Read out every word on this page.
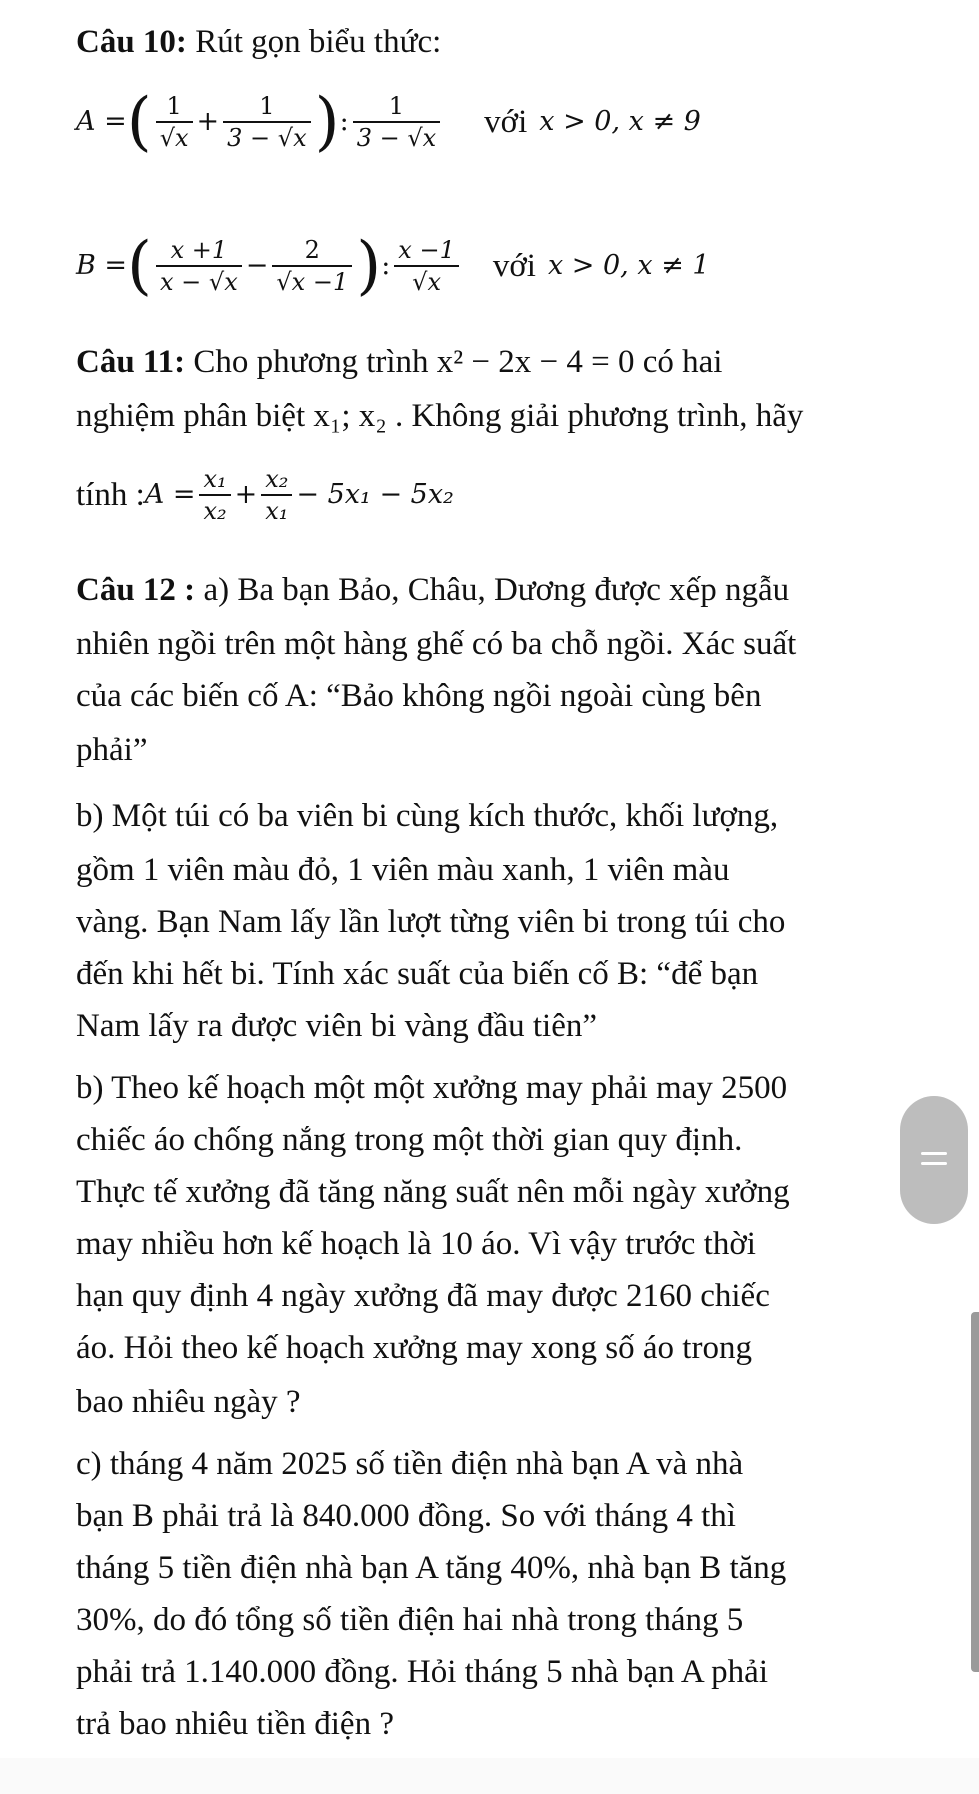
Câu 10: Rút gọn biểu thức:
A = ( $\frac{1}{√x} + \frac{1}{3 - √x}$ ) : $\frac{1}{3 - √x}$ với x > 0, x ≠ 9
B = ( $\frac{x +1}{x - √x} - \frac{2}{√x -1}$ ) : $\frac{x -1}{√x}$ với x > 0, x ≠ 1
Câu 11: Cho phương trình x² − 2x − 4 = 0 có hai
nghiệm phân biệt x₁; x₂ . Không giải phương trình, hãy
tính : $A = \frac{\text{x₁}}{\text{x₂}} + \frac{\text{x₂}}{\text{x₁}} - 5x_1 - 5x_2$
Câu 12 : a) Ba bạn Bảo, Châu, Dương được xếp ngẫu
nhiên ngồi trên một hàng ghế có ba chỗ ngồi. Xác suất
của các biến cố A: “Bảo không ngồi ngoài cùng bên
phải”
b) Một túi có ba viên bi cùng kích thước, khối lượng,
gồm 1 viên màu đỏ, 1 viên màu xanh, 1 viên màu
vàng. Bạn Nam lấy lần lượt từng viên bi trong túi cho
đến khi hết bi. Tính xác suất của biến cố B: “để bạn
Nam lấy ra được viên bi vàng đầu tiên”
b) Theo kế hoạch một một xưởng may phải may 2500
chiếc áo chống nắng trong một thời gian quy định.
Thực tế xưởng đã tăng năng suất nên mỗi ngày xưởng
may nhiều hơn kế hoạch là 10 áo. Vì vậy trước thời
hạn quy định 4 ngày xưởng đã may được 2160 chiếc
áo. Hỏi theo kế hoạch xưởng may xong số áo trong
bao nhiêu ngày ?
c) tháng 4 năm 2025 số tiền điện nhà bạn A và nhà
bạn B phải trả là 840.000 đồng. So với tháng 4 thì
tháng 5 tiền điện nhà bạn A tăng 40%, nhà bạn B tăng
30%, do đó tổng số tiền điện hai nhà trong tháng 5
phải trả 1.140.000 đồng. Hỏi tháng 5 nhà bạn A phải
trả bao nhiêu tiền điện ?
